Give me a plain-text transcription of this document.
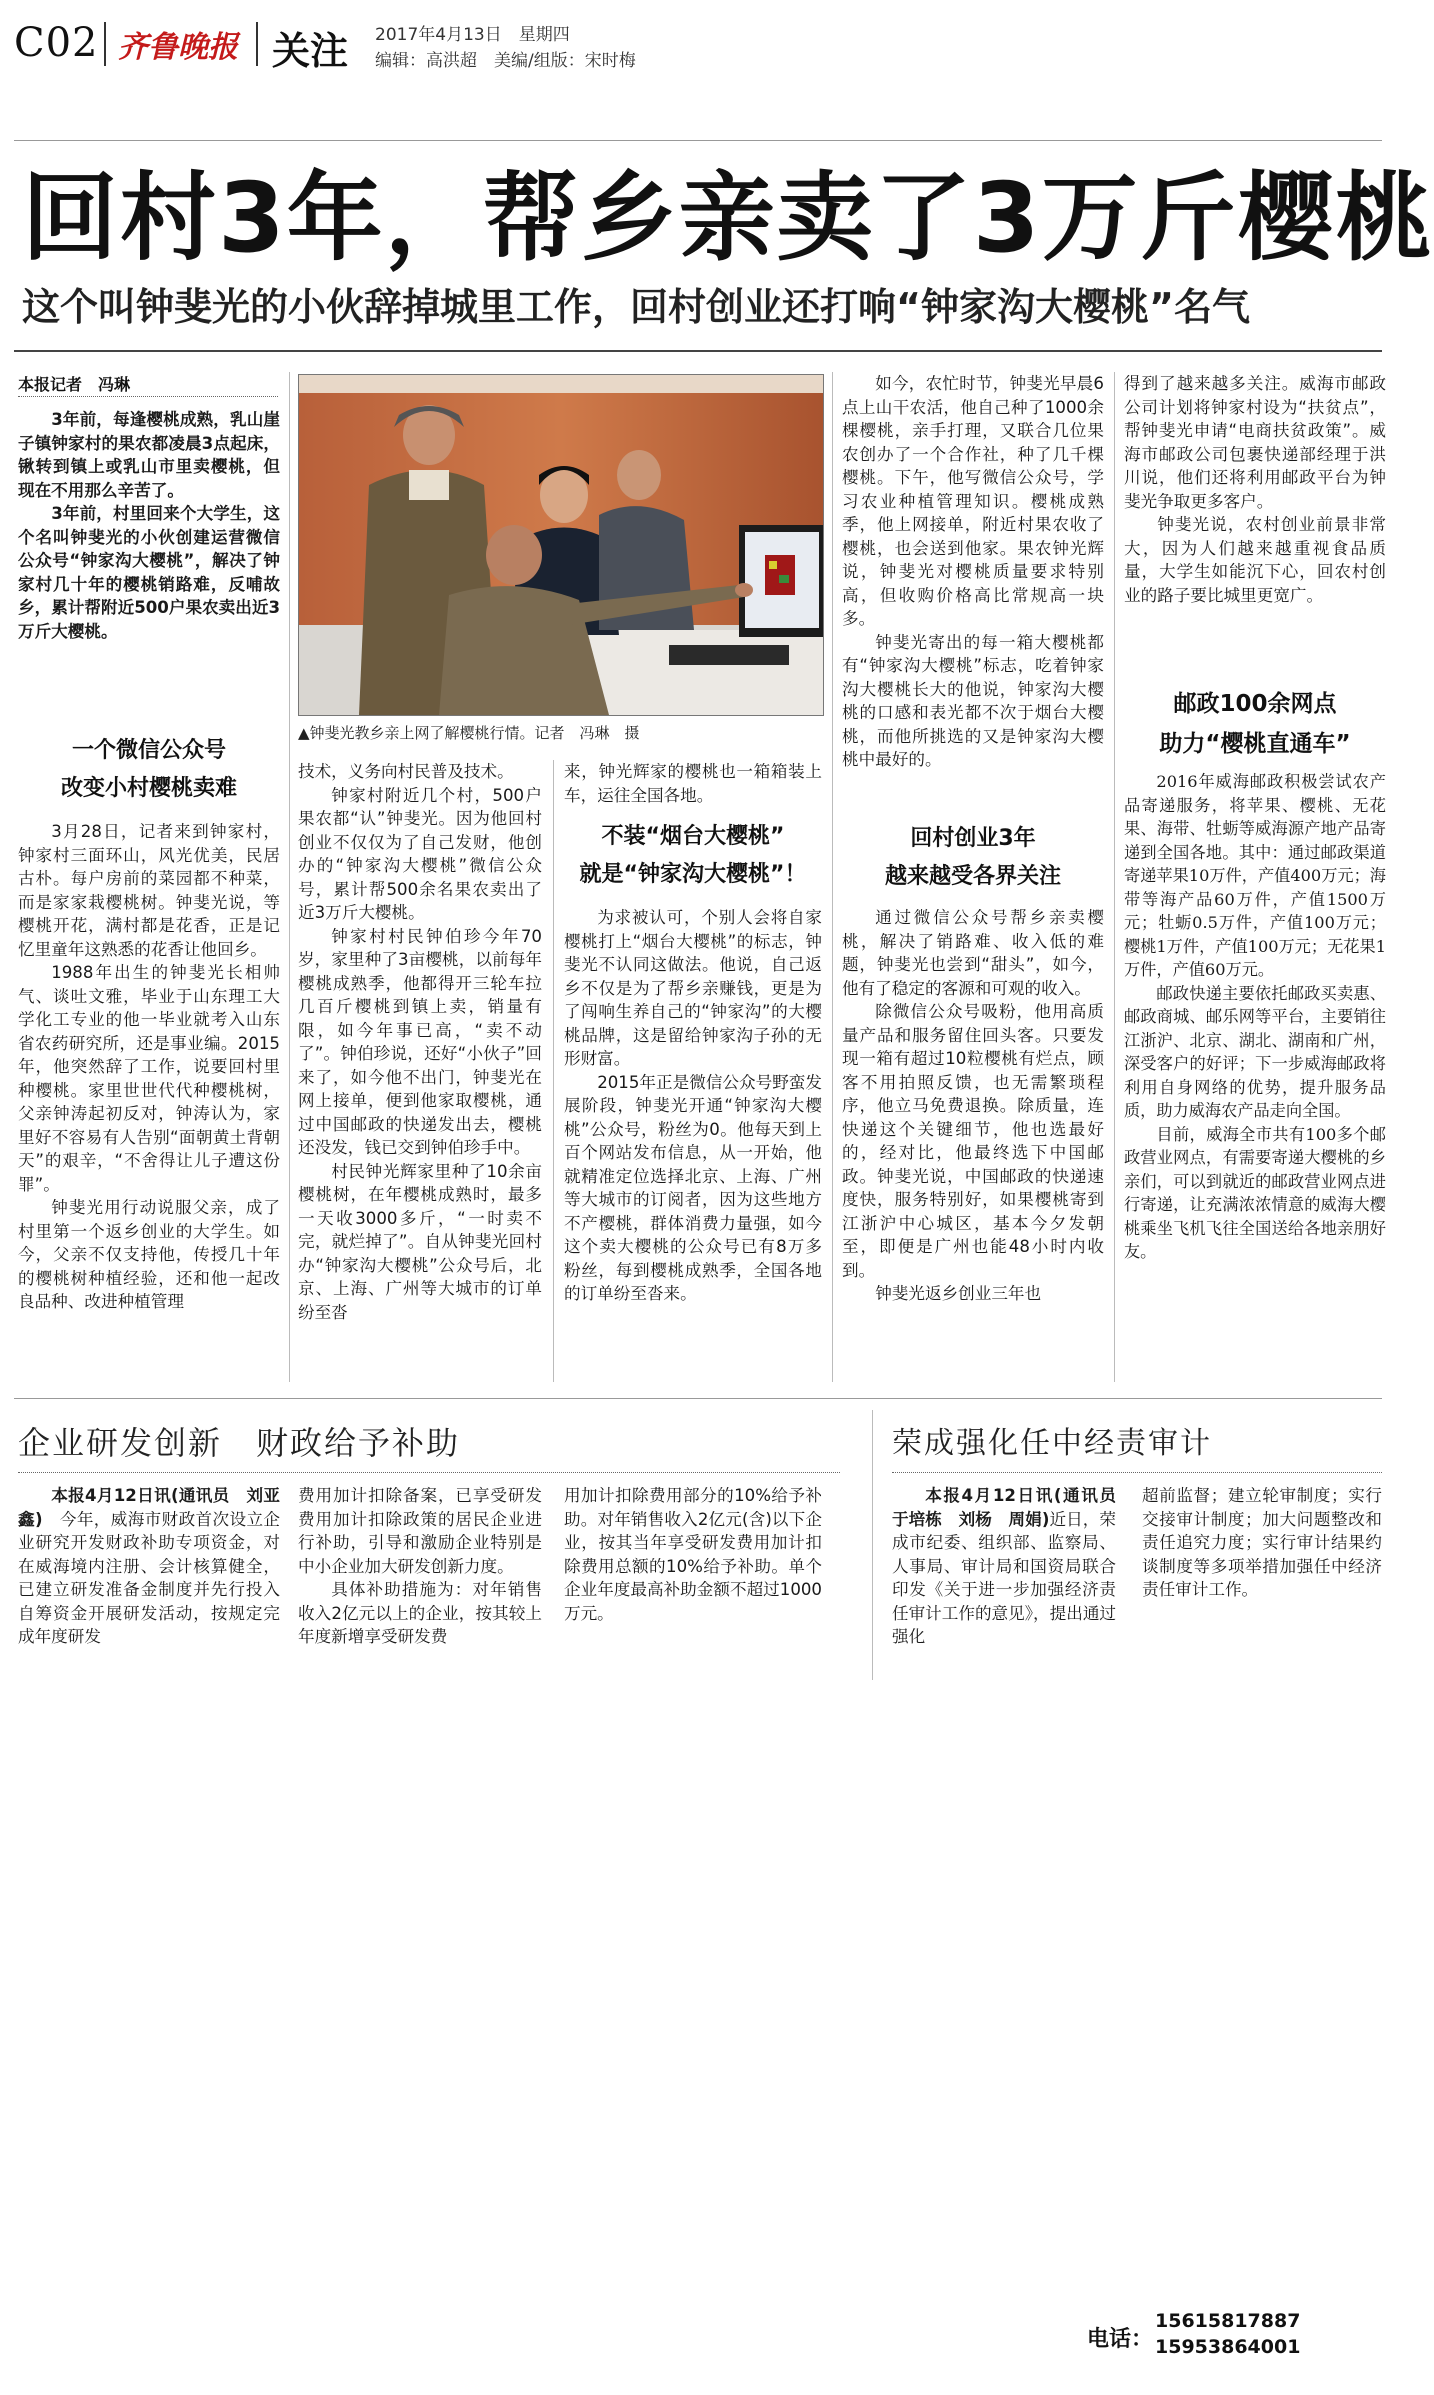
C02 齐鲁晚报 关注 2017年4月13日　星期四
编辑：高洪超　美编/组版：宋时梅
回村3年，帮乡亲卖了3万斤樱桃
这个叫钟斐光的小伙辞掉城里工作，回村创业还打响“钟家沟大樱桃”名气
本报记者　冯琳

3年前，每逢樱桃成熟，乳山崖子镇钟家村的果农都凌晨3点起床，锹转到镇上或乳山市里卖樱桃，但现在不用那么辛苦了。

3年前，村里回来个大学生，这个名叫钟斐光的小伙创建运营微信公众号“钟家沟大樱桃”，解决了钟家村几十年的樱桃销路难，反哺故乡，累计帮附近500户果农卖出近3万斤大樱桃。

一个微信公众号
改变小村樱桃卖难

3月28日，记者来到钟家村，钟家村三面环山，风光优美，民居古朴。每户房前的菜园都不种菜，而是家家栽樱桃树。钟斐光说，等樱桃开花，满村都是花香，正是记忆里童年这熟悉的花香让他回乡。

1988年出生的钟斐光长相帅气、谈吐文雅，毕业于山东理工大学化工专业的他一毕业就考入山东省农药研究所，还是事业编。2015年，他突然辞了工作，说要回村里种樱桃。家里世世代代种樱桃树，父亲钟涛起初反对，钟涛认为，家里好不容易有人告别“面朝黄土背朝天”的艰辛，“不舍得让儿子遭这份罪”。

钟斐光用行动说服父亲，成了村里第一个返乡创业的大学生。如今，父亲不仅支持他，传授几十年的樱桃树种植经验，还和他一起改良品种、改进种植管理

▲钟斐光教乡亲上网了解樱桃行情。记者　冯琳　摄

技术，义务向村民普及技术。

钟家村附近几个村，500户果农都“认”钟斐光。因为他回村创业不仅仅为了自己发财，他创办的“钟家沟大樱桃”微信公众号，累计帮500余名果农卖出了近3万斤大樱桃。

钟家村村民钟伯珍今年70岁，家里种了3亩樱桃，以前每年樱桃成熟季，他都得开三轮车拉几百斤樱桃到镇上卖，销量有限，如今年事已高，“卖不动了”。钟伯珍说，还好“小伙子”回来了，如今他不出门，钟斐光在网上接单，便到他家取樱桃，通过中国邮政的快递发出去，樱桃还没发，钱已交到钟伯珍手中。

村民钟光辉家里种了10余亩樱桃树，在年樱桃成熟时，最多一天收3000多斤，“一时卖不完，就烂掉了”。自从钟斐光回村办“钟家沟大樱桃”公众号后，北京、上海、广州等大城市的订单纷至沓

来，钟光辉家的樱桃也一箱箱装上车，运往全国各地。

不装“烟台大樱桃”
就是“钟家沟大樱桃”！

为求被认可，个别人会将自家樱桃打上“烟台大樱桃”的标志，钟斐光不认同这做法。他说，自己返乡不仅是为了帮乡亲赚钱，更是为了闯响生养自己的“钟家沟”的大樱桃品牌，这是留给钟家沟子孙的无形财富。

2015年正是微信公众号野蛮发展阶段，钟斐光开通“钟家沟大樱桃”公众号，粉丝为0。他每天到上百个网站发布信息，从一开始，他就精准定位选择北京、上海、广州等大城市的订阅者，因为这些地方不产樱桃，群体消费力量强，如今这个卖大樱桃的公众号已有8万多粉丝，每到樱桃成熟季，全国各地的订单纷至沓来。

如今，农忙时节，钟斐光早晨6点上山干农活，他自己种了1000余棵樱桃，亲手打理，又联合几位果农创办了一个合作社，种了几千棵樱桃。下午，他写微信公众号，学习农业种植管理知识。樱桃成熟季，他上网接单，附近村果农收了樱桃，也会送到他家。果农钟光辉说，钟斐光对樱桃质量要求特别高，但收购价格高比常规高一块多。

钟斐光寄出的每一箱大樱桃都有“钟家沟大樱桃”标志，吃着钟家沟大樱桃长大的他说，钟家沟大樱桃的口感和表光都不次于烟台大樱桃，而他所挑选的又是钟家沟大樱桃中最好的。

回村创业3年
越来越受各界关注

通过微信公众号帮乡亲卖樱桃，解决了销路难、收入低的难题，钟斐光也尝到“甜头”，如今，他有了稳定的客源和可观的收入。

除微信公众号吸粉，他用高质量产品和服务留住回头客。只要发现一箱有超过10粒樱桃有烂点，顾客不用拍照反馈，也无需繁琐程序，他立马免费退换。除质量，连快递这个关键细节，他也选最好的，经对比，他最终选下中国邮政。钟斐光说，中国邮政的快递速度快，服务特别好，如果樱桃寄到江浙沪中心城区，基本今夕发朝至，即便是广州也能48小时内收到。

钟斐光返乡创业三年也

得到了越来越多关注。威海市邮政公司计划将钟家村设为“扶贫点”，帮钟斐光申请“电商扶贫政策”。威海市邮政公司包裹快递部经理于洪川说，他们还将利用邮政平台为钟斐光争取更多客户。

钟斐光说，农村创业前景非常大，因为人们越来越重视食品质量，大学生如能沉下心，回农村创业的路子要比城里更宽广。

邮政100余网点
助力“樱桃直通车”

2016年威海邮政积极尝试农产品寄递服务，将苹果、樱桃、无花果、海带、牡蛎等威海源产地产品寄递到全国各地。其中：通过邮政渠道寄递苹果10万件，产值400万元；海带等海产品60万件，产值1500万元；牡蛎0.5万件，产值100万元；樱桃1万件，产值100万元；无花果1万件，产值60万元。

邮政快递主要依托邮政买卖惠、邮政商城、邮乐网等平台，主要销往江浙沪、北京、湖北、湖南和广州，深受客户的好评；下一步威海邮政将利用自身网络的优势，提升服务品质，助力威海农产品走向全国。

目前，威海全市共有100多个邮政营业网点，有需要寄递大樱桃的乡亲们，可以到就近的邮政营业网点进行寄递，让充满浓浓情意的威海大樱桃乘坐飞机飞往全国送给各地亲朋好友。

企业研发创新　财政给予补助

本报4月12日讯(通讯员　刘亚鑫)　今年，威海市财政首次设立企业研究开发财政补助专项资金，对在威海境内注册、会计核算健全，已建立研发准备金制度并先行投入自筹资金开展研发活动，按规定完成年度研发

费用加计扣除备案，已享受研发费用加计扣除政策的居民企业进行补助，引导和激励企业特别是中小企业加大研发创新力度。

具体补助措施为：对年销售收入2亿元以上的企业，按其较上年度新增享受研发费

用加计扣除费用部分的10%给予补助。对年销售收入2亿元(含)以下企业，按其当年享受研发费用加计扣除费用总额的10%给予补助。单个企业年度最高补助金额不超过1000万元。

荣成强化任中经责审计

本报4月12日讯(通讯员　于培栋　刘杨　周娟)近日，荣成市纪委、组织部、监察局、人事局、审计局和国资局联合印发《关于进一步加强经济责任审计工作的意见》，提出通过强化

超前监督；建立轮审制度；实行交接审计制度；加大问题整改和责任追究力度；实行审计结果约谈制度等多项举措加强任中经济责任审计工作。

电话：
15615817887
15953864001
